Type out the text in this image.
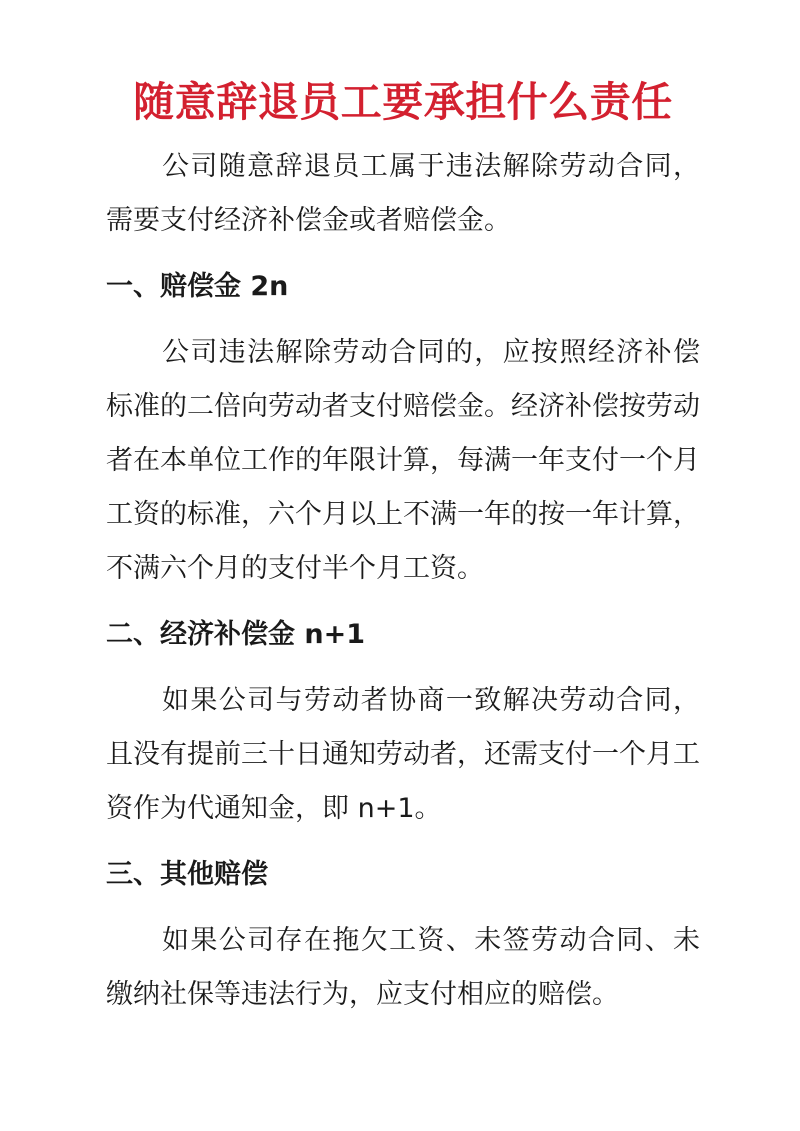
随意辞退员工要承担什么责任

公司随意辞退员工属于违法解除劳动合同，需要支付经济补偿金或者赔偿金。

一、赔偿金 2n

公司违法解除劳动合同的，应按照经济补偿标准的二倍向劳动者支付赔偿金。经济补偿按劳动者在本单位工作的年限计算，每满一年支付一个月工资的标准，六个月以上不满一年的按一年计算，不满六个月的支付半个月工资。

二、经济补偿金 n+1

如果公司与劳动者协商一致解决劳动合同，且没有提前三十日通知劳动者，还需支付一个月工资作为代通知金，即 n+1。

三、其他赔偿

如果公司存在拖欠工资、未签劳动合同、未缴纳社保等违法行为，应支付相应的赔偿。
